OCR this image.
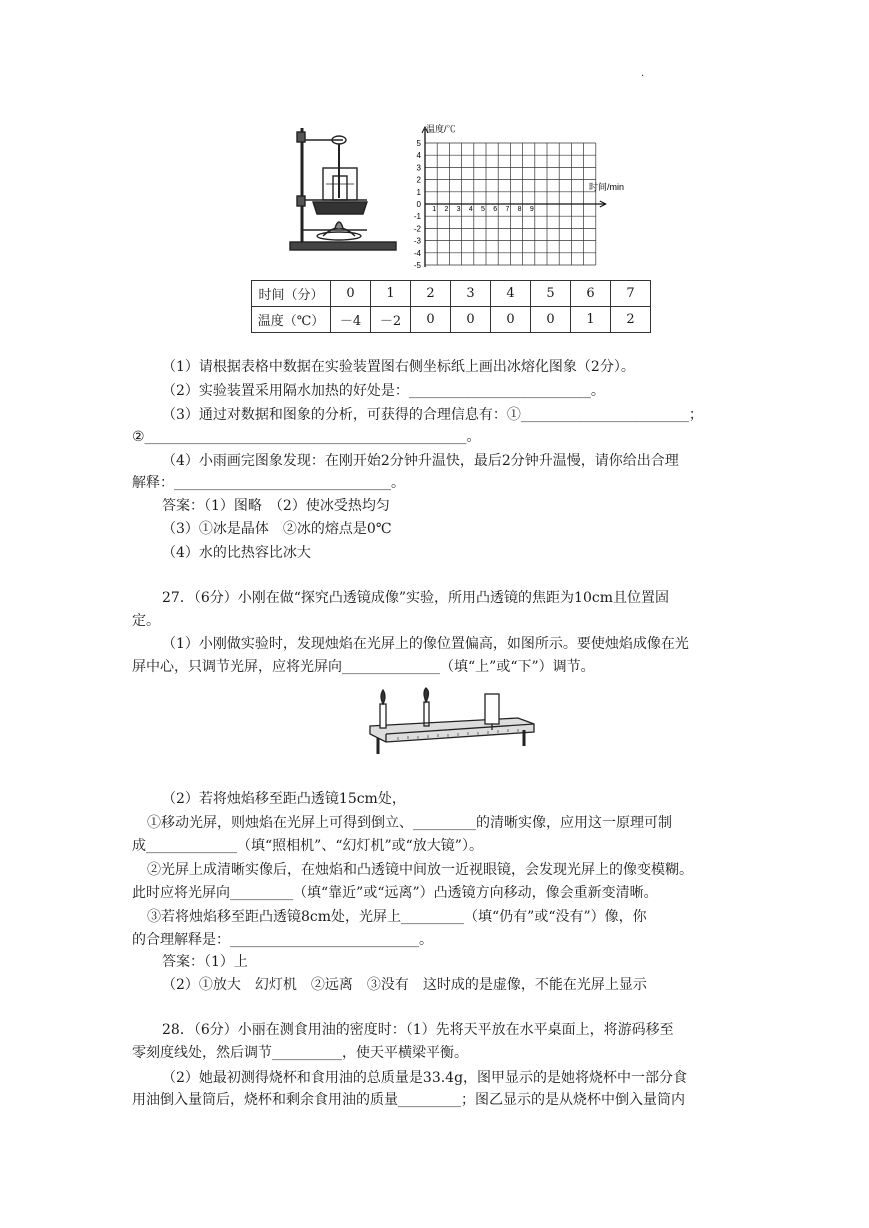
.
5
4
3
2
1
0
-1
-2
-3
-4
-5
1 2 3 4 5 6 7 8 9
温度/℃
时间/min
时间（分）	0	1	2	3	4	5	6	7
温度（℃）	－4	－2	0	0	0	0	1	2
（1）请根据表格中数据在实验装置图右侧坐标纸上画出冰熔化图象（2分）。
（2）实验装置采用隔水加热的好处是：__________________________。
（3）通过对数据和图象的分析，可获得的合理信息有：①________________________；
②______________________________________________。
（4）小雨画完图象发现：在刚开始2分钟升温快，最后2分钟升温慢，请你给出合理
解释：_______________________________。
答案：（1）图略　（2）使冰受热均匀
（3）①冰是晶体　②冰的熔点是0℃
（4）水的比热容比冰大
27．（6分）小刚在做“探究凸透镜成像”实验，所用凸透镜的焦距为10cm且位置固
定。
（1）小刚做实验时，发现烛焰在光屏上的像位置偏高，如图所示。要使烛焰成像在光
屏中心，只调节光屏，应将光屏向______________（填“上”或“下”）调节。
（2）若将烛焰移至距凸透镜15cm处，
①移动光屏，则烛焰在光屏上可得到倒立、_________的清晰实像，应用这一原理可制
成_____________（填“照相机”、“幻灯机”或“放大镜”）。
②光屏上成清晰实像后，在烛焰和凸透镜中间放一近视眼镜，会发现光屏上的像变模糊。
此时应将光屏向_________（填“靠近”或“远离”）凸透镜方向移动，像会重新变清晰。
③若将烛焰移至距凸透镜8cm处，光屏上_________（填“仍有”或“没有”）像，你
的合理解释是：___________________________。
答案：（1）上
（2）①放大　幻灯机　②远离　③没有　这时成的是虚像，不能在光屏上显示
28．（6分）小丽在测食用油的密度时：（1）先将天平放在水平桌面上，将游码移至
零刻度线处，然后调节__________，使天平横梁平衡。
（2）她最初测得烧杯和食用油的总质量是33.4g，图甲显示的是她将烧杯中一部分食
用油倒入量筒后，烧杯和剩余食用油的质量_________；图乙显示的是从烧杯中倒入量筒内
